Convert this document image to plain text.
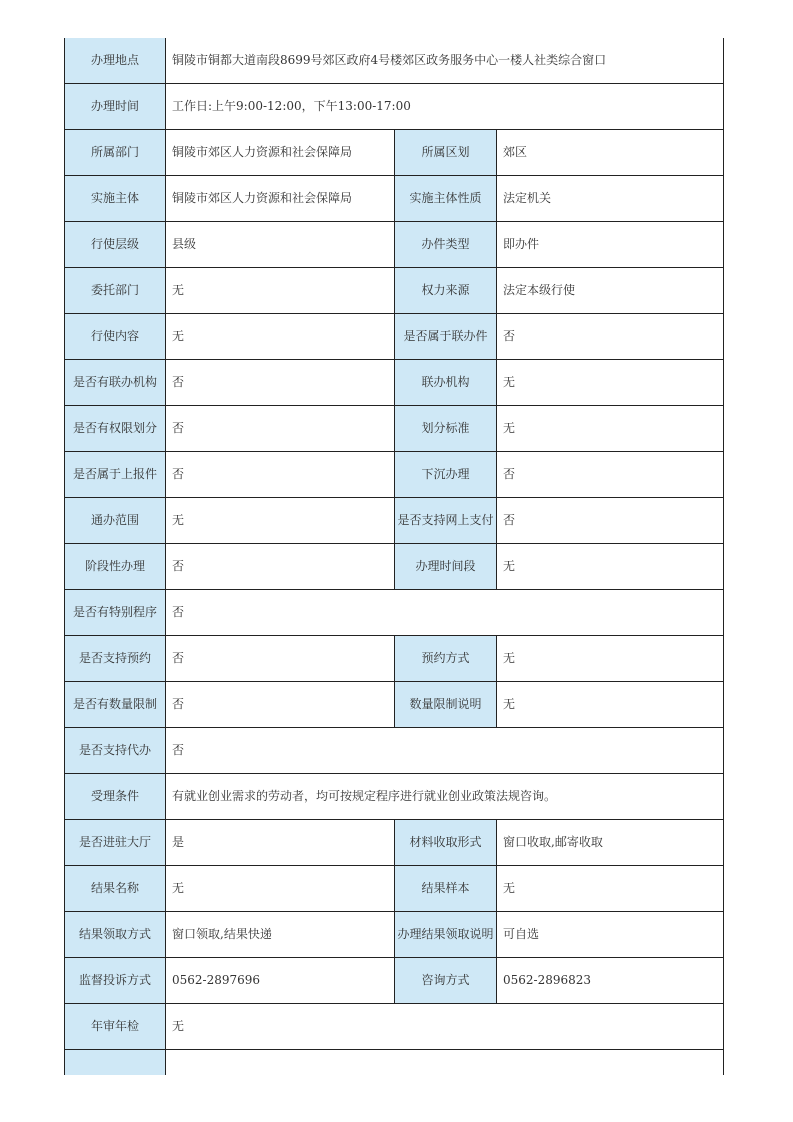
办理地点	铜陵市铜都大道南段8699号郊区政府4号楼郊区政务服务中心一楼人社类综合窗口
办理时间	工作日:上午9:00-12:00，下午13:00-17:00
所属部门	铜陵市郊区人力资源和社会保障局	所属区划	郊区
实施主体	铜陵市郊区人力资源和社会保障局	实施主体性质	法定机关
行使层级	县级	办件类型	即办件
委托部门	无	权力来源	法定本级行使
行使内容	无	是否属于联办件	否
是否有联办机构	否	联办机构	无
是否有权限划分	否	划分标准	无
是否属于上报件	否	下沉办理	否
通办范围	无	是否支持网上支付 否
阶段性办理	否	办理时间段	无
是否有特别程序	否
是否支持预约	否	预约方式	无
是否有数量限制	否	数量限制说明	无
是否支持代办	否
受理条件	有就业创业需求的劳动者，均可按规定程序进行就业创业政策法规咨询。
是否进驻大厅	是	材料收取形式	窗口收取,邮寄收取
结果名称	无	结果样本	无
结果领取方式	窗口领取,结果快递	办理结果领取说明 可自选
监督投诉方式	0562-2897696	咨询方式	0562-2896823
年审年检	无
